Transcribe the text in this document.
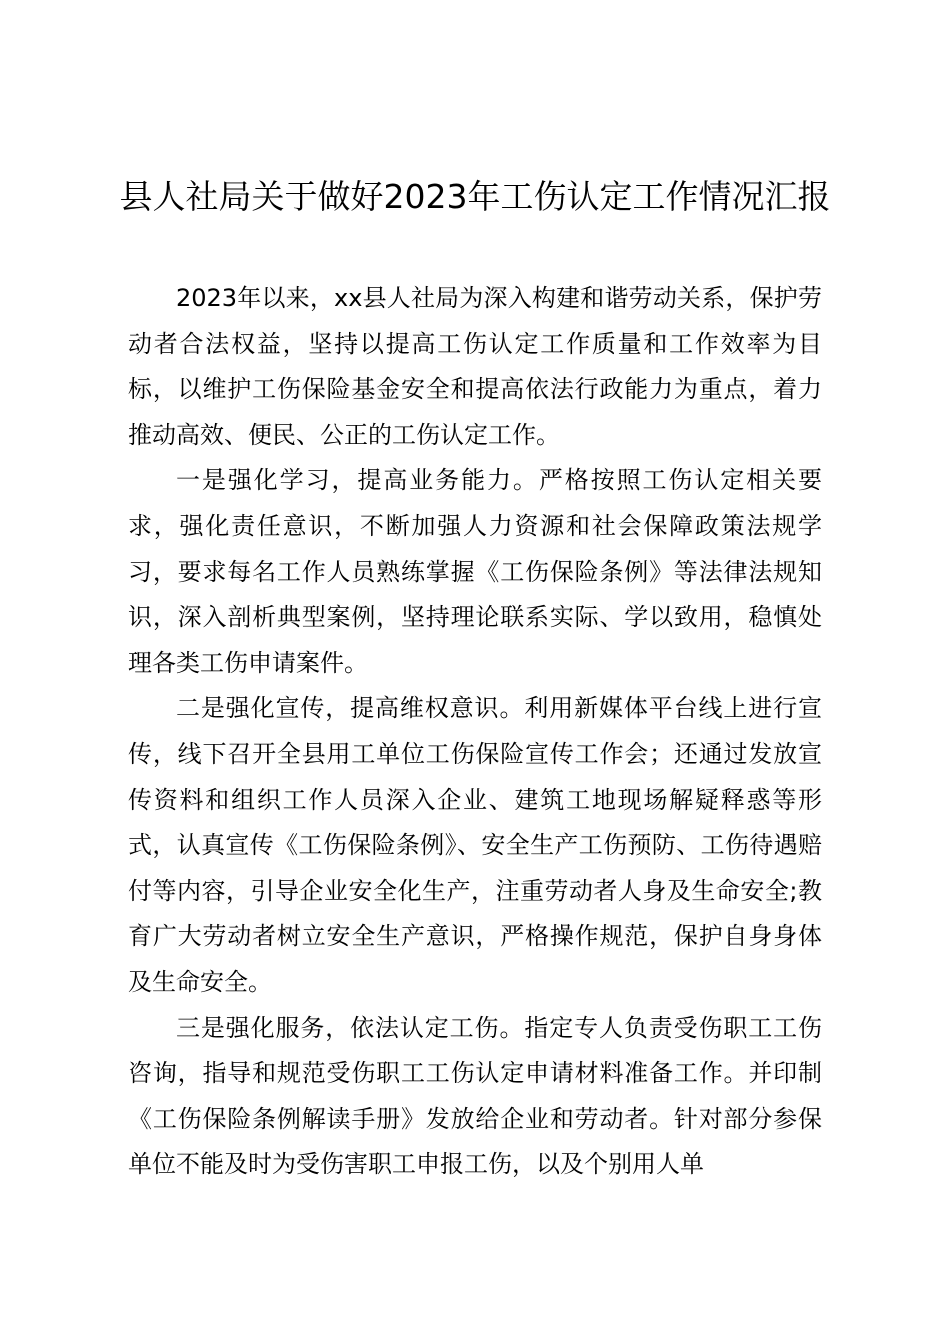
县人社局关于做好2023年工伤认定工作情况汇报

2023年以来，xx县人社局为深入构建和谐劳动关系，保护劳动者合法权益，坚持以提高工伤认定工作质量和工作效率为目标，以维护工伤保险基金安全和提高依法行政能力为重点，着力推动高效、便民、公正的工伤认定工作。

一是强化学习，提高业务能力。严格按照工伤认定相关要求，强化责任意识，不断加强人力资源和社会保障政策法规学习，要求每名工作人员熟练掌握《工伤保险条例》等法律法规知识，深入剖析典型案例，坚持理论联系实际、学以致用，稳慎处理各类工伤申请案件。

二是强化宣传，提高维权意识。利用新媒体平台线上进行宣传，线下召开全县用工单位工伤保险宣传工作会；还通过发放宣传资料和组织工作人员深入企业、建筑工地现场解疑释惑等形式，认真宣传《工伤保险条例》、安全生产工伤预防、工伤待遇赔付等内容，引导企业安全化生产，注重劳动者人身及生命安全;教育广大劳动者树立安全生产意识，严格操作规范，保护自身身体及生命安全。

三是强化服务，依法认定工伤。指定专人负责受伤职工工伤咨询，指导和规范受伤职工工伤认定申请材料准备工作。并印制《工伤保险条例解读手册》发放给企业和劳动者。针对部分参保单位不能及时为受伤害职工申报工伤，以及个别用人单
